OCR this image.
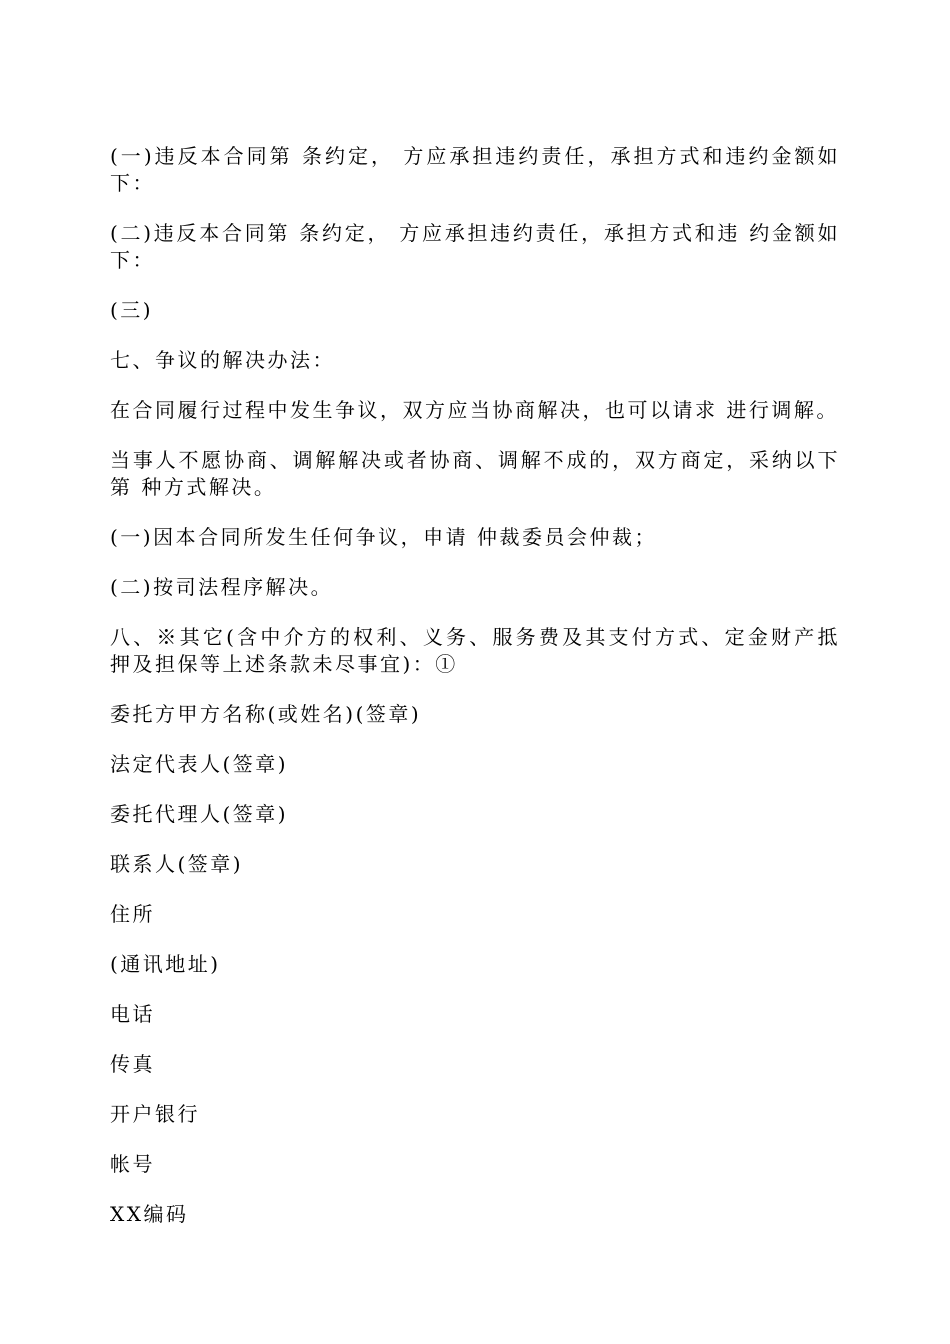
(一)违反本合同第 条约定， 方应承担违约责任，承担方式和违约金额如下：

(二)违反本合同第 条约定， 方应承担违约责任，承担方式和违 约金额如下：

(三)

七、争议的解决办法：

在合同履行过程中发生争议，双方应当协商解决，也可以请求 进行调解。

当事人不愿协商、调解解决或者协商、调解不成的，双方商定，采纳以下第 种方式解决。

(一)因本合同所发生任何争议，申请 仲裁委员会仲裁；

(二)按司法程序解决。

八、※其它(含中介方的权利、义务、服务费及其支付方式、定金财产抵押及担保等上述条款未尽事宜)：①

委托方甲方名称(或姓名)(签章)

法定代表人(签章)

委托代理人(签章)

联系人(签章)

住所

(通讯地址)

电话

传真

开户银行

帐号

XX编码
